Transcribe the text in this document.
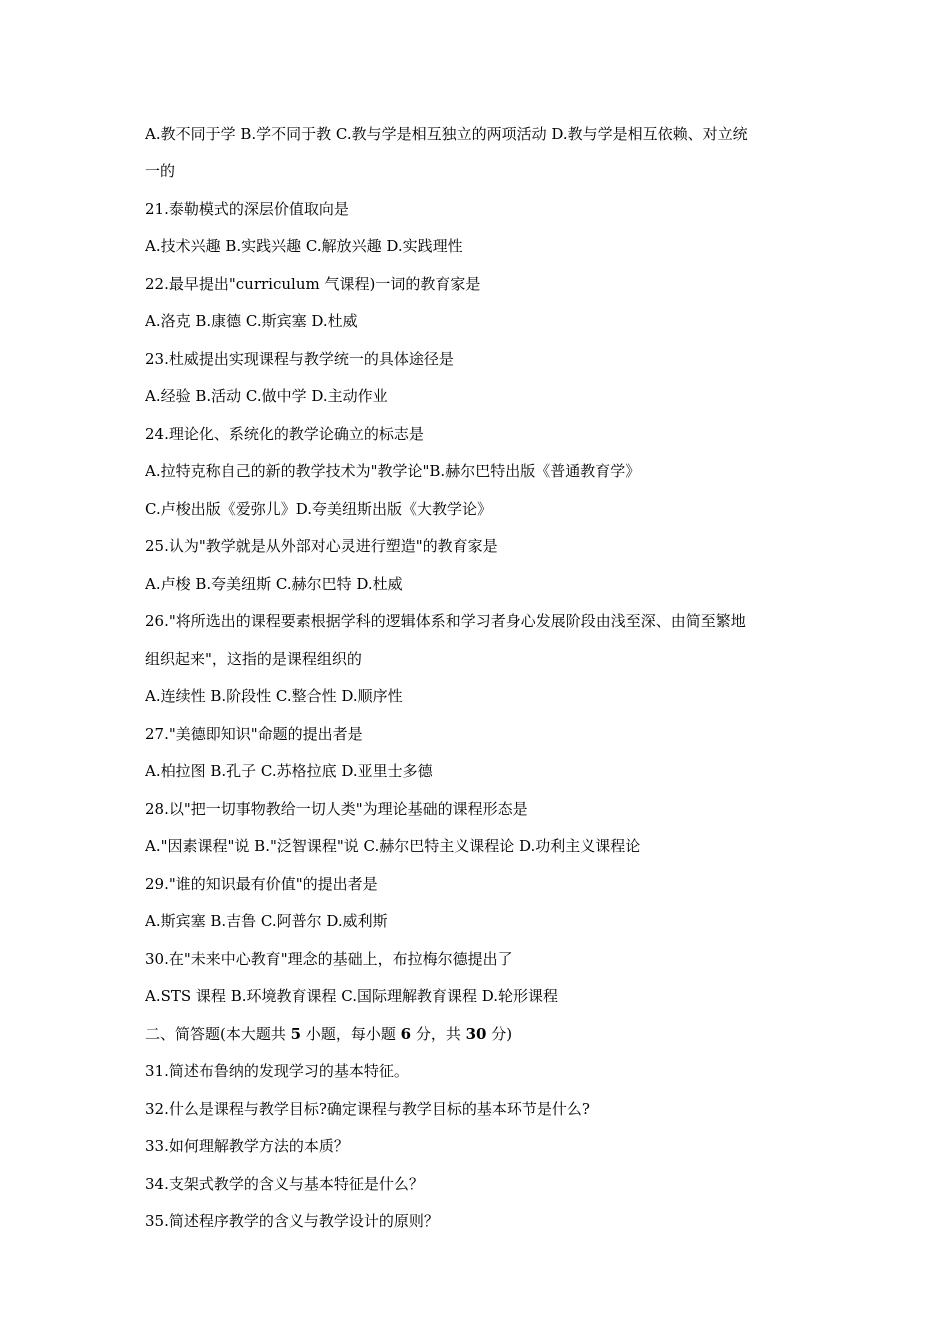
A.教不同于学 B.学不同于教 C.教与学是相互独立的两项活动 D.教与学是相互依赖、对立统
一的
21.泰勒模式的深层价值取向是
A.技术兴趣 B.实践兴趣 C.解放兴趣 D.实践理性
22.最早提出"curriculum 气课程)一词的教育家是
A.洛克 B.康德 C.斯宾塞 D.杜威
23.杜威提出实现课程与教学统一的具体途径是
A.经验 B.活动 C.做中学 D.主动作业
24.理论化、系统化的教学论确立的标志是
A.拉特克称自己的新的教学技术为"教学论"B.赫尔巴特出版《普通教育学》
C.卢梭出版《爱弥儿》D.夸美纽斯出版《大教学论》
25.认为"教学就是从外部对心灵进行塑造"的教育家是
A.卢梭 B.夸美纽斯 C.赫尔巴特 D.杜威
26."将所选出的课程要素根据学科的逻辑体系和学习者身心发展阶段由浅至深、由简至繁地
组织起来"，这指的是课程组织的
A.连续性 B.阶段性 C.整合性 D.顺序性
27."美德即知识"命题的提出者是
A.柏拉图 B.孔子 C.苏格拉底 D.亚里士多德
28.以"把一切事物教给一切人类"为理论基础的课程形态是
A."因素课程"说 B."泛智课程"说 C.赫尔巴特主义课程论 D.功利主义课程论
29."谁的知识最有价值"的提出者是
A.斯宾塞 B.吉鲁 C.阿普尔 D.威利斯
30.在"未来中心教育"理念的基础上，布拉梅尔德提出了
A.STS 课程 B.环境教育课程 C.国际理解教育课程 D.轮形课程
二、简答题(本大题共 5 小题，每小题 6 分，共 30 分)
31.简述布鲁纳的发现学习的基本特征。
32.什么是课程与教学目标?确定课程与教学目标的基本环节是什么?
33.如何理解教学方法的本质？
34.支架式教学的含义与基本特征是什么？
35.简述程序教学的含义与教学设计的原则？
